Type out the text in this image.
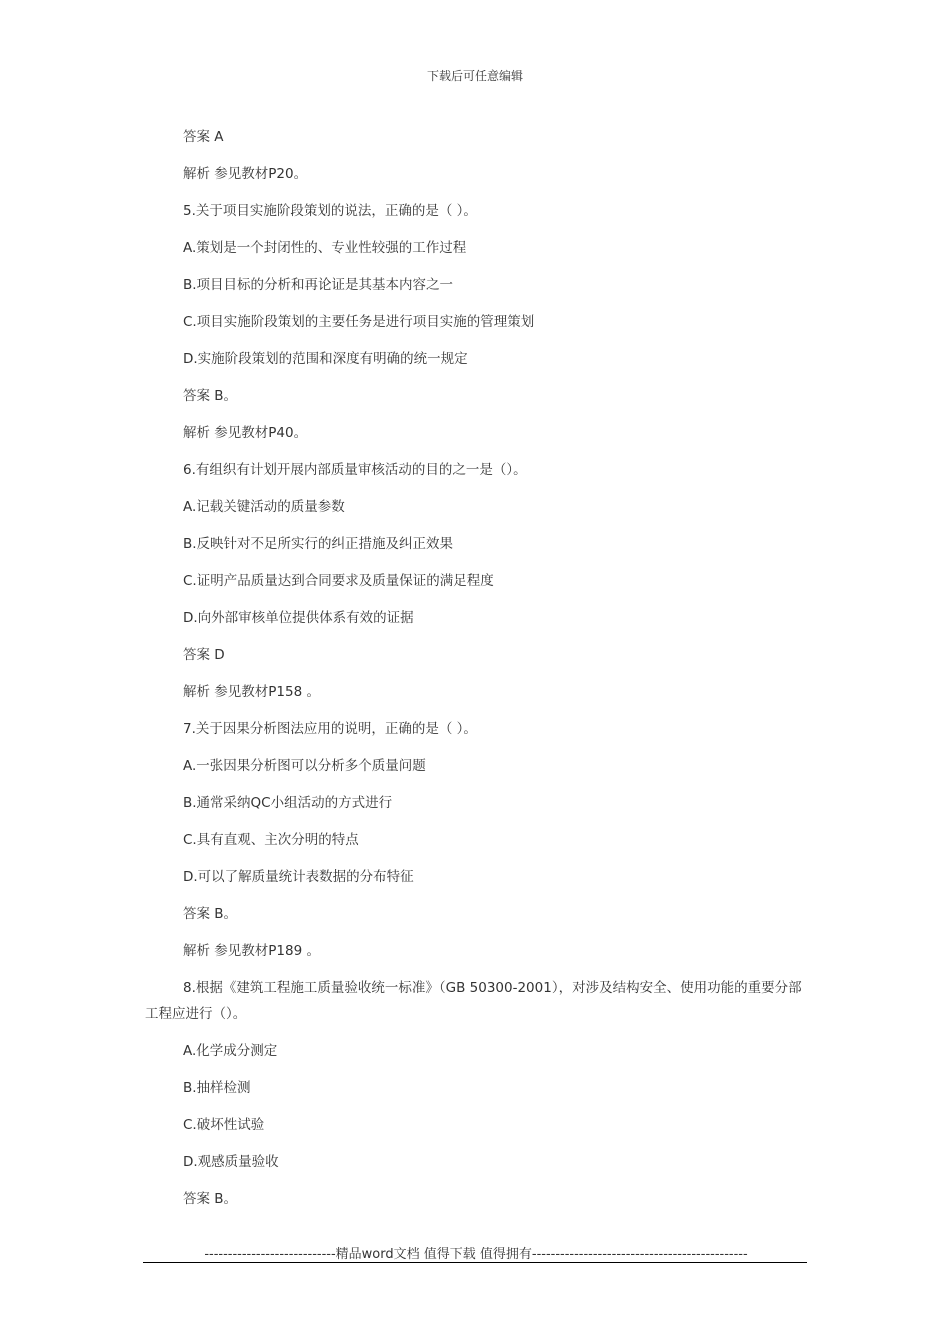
下载后可任意编辑
答案 A
解析 参见教材P20。
5.关于项目实施阶段策划的说法，正确的是（ ）。
A.策划是一个封闭性的、专业性较强的工作过程
B.项目目标的分析和再论证是其基本内容之一
C.项目实施阶段策划的主要任务是进行项目实施的管理策划
D.实施阶段策划的范围和深度有明确的统一规定
答案 B。
解析 参见教材P40。
6.有组织有计划开展内部质量审核活动的目的之一是（）。
A.记载关键活动的质量参数
B.反映针对不足所实行的纠正措施及纠正效果
C.证明产品质量达到合同要求及质量保证的满足程度
D.向外部审核单位提供体系有效的证据
答案 D
解析 参见教材P158 。
7.关于因果分析图法应用的说明，正确的是（ ）。
A.一张因果分析图可以分析多个质量问题
B.通常采纳QC小组活动的方式进行
C.具有直观、主次分明的特点
D.可以了解质量统计表数据的分布特征
答案 B。
解析 参见教材P189 。
8.根据《建筑工程施工质量验收统一标准》（GB 50300-2001），对涉及结构安全、使用功能的重要分部工程应进行（）。
A.化学成分测定
B.抽样检测
C.破坏性试验
D.观感质量验收
答案 B。
----------------------------精品word文档 值得下载 值得拥有----------------------------------------------
